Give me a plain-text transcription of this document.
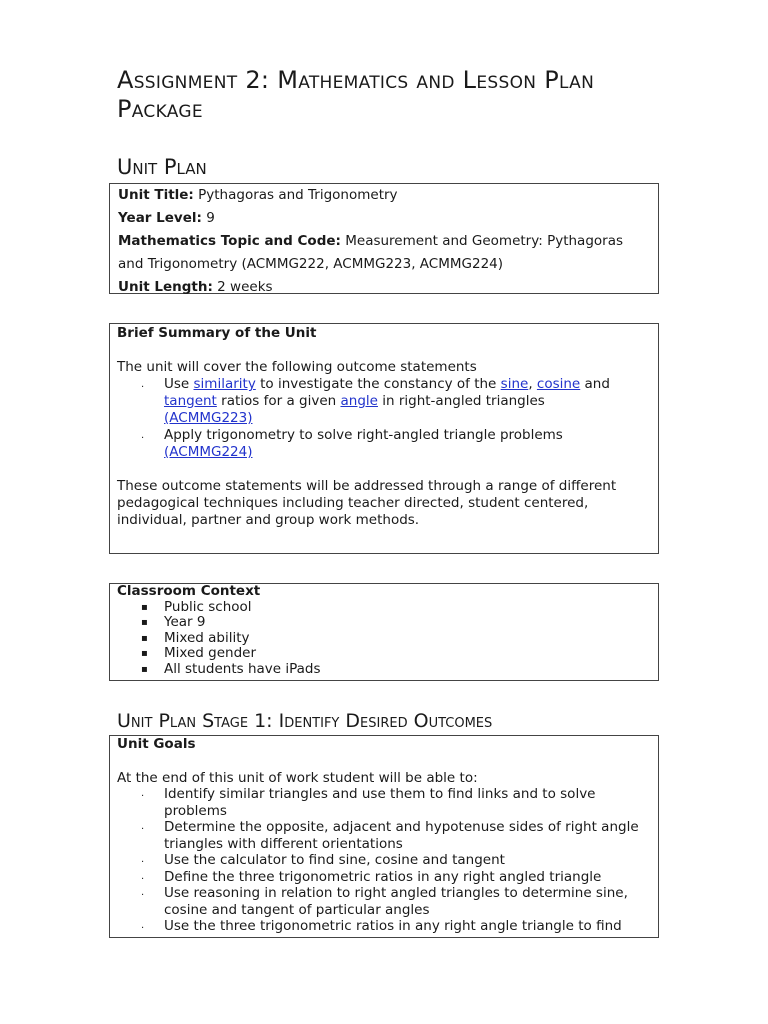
Assignment 2: Mathematics and Lesson Plan Package
Unit Plan

Unit Title: Pythagoras and Trigonometry

Year Level: 9

Mathematics Topic and Code: Measurement and Geometry: Pythagoras and Trigonometry (ACMMG222, ACMMG223, ACMMG224)

Unit Length: 2 weeks

Brief Summary of the Unit

The unit will cover the following outcome statements

. Use similarity to investigate the constancy of the sine, cosine and
tangent ratios for a given angle in right-angled triangles
(ACMMG223)
. Apply trigonometry to solve right-angled triangle problems
(ACMMG224)

These outcome statements will be addressed through a range of different pedagogical techniques including teacher directed, student centered, individual, partner and group work methods.

Classroom Context

▪ Public school
▪ Year 9
▪ Mixed ability
▪ Mixed gender
▪ All students have iPads
Unit Plan Stage 1: Identify Desired Outcomes

Unit Goals

At the end of this unit of work student will be able to:

. Identify similar triangles and use them to find links and to solve problems
. Determine the opposite, adjacent and hypotenuse sides of right angle triangles with different orientations
. Use the calculator to find sine, cosine and tangent
. Define the three trigonometric ratios in any right angled triangle
. Use reasoning in relation to right angled triangles to determine sine, cosine and tangent of particular angles
. Use the three trigonometric ratios in any right angle triangle to find
